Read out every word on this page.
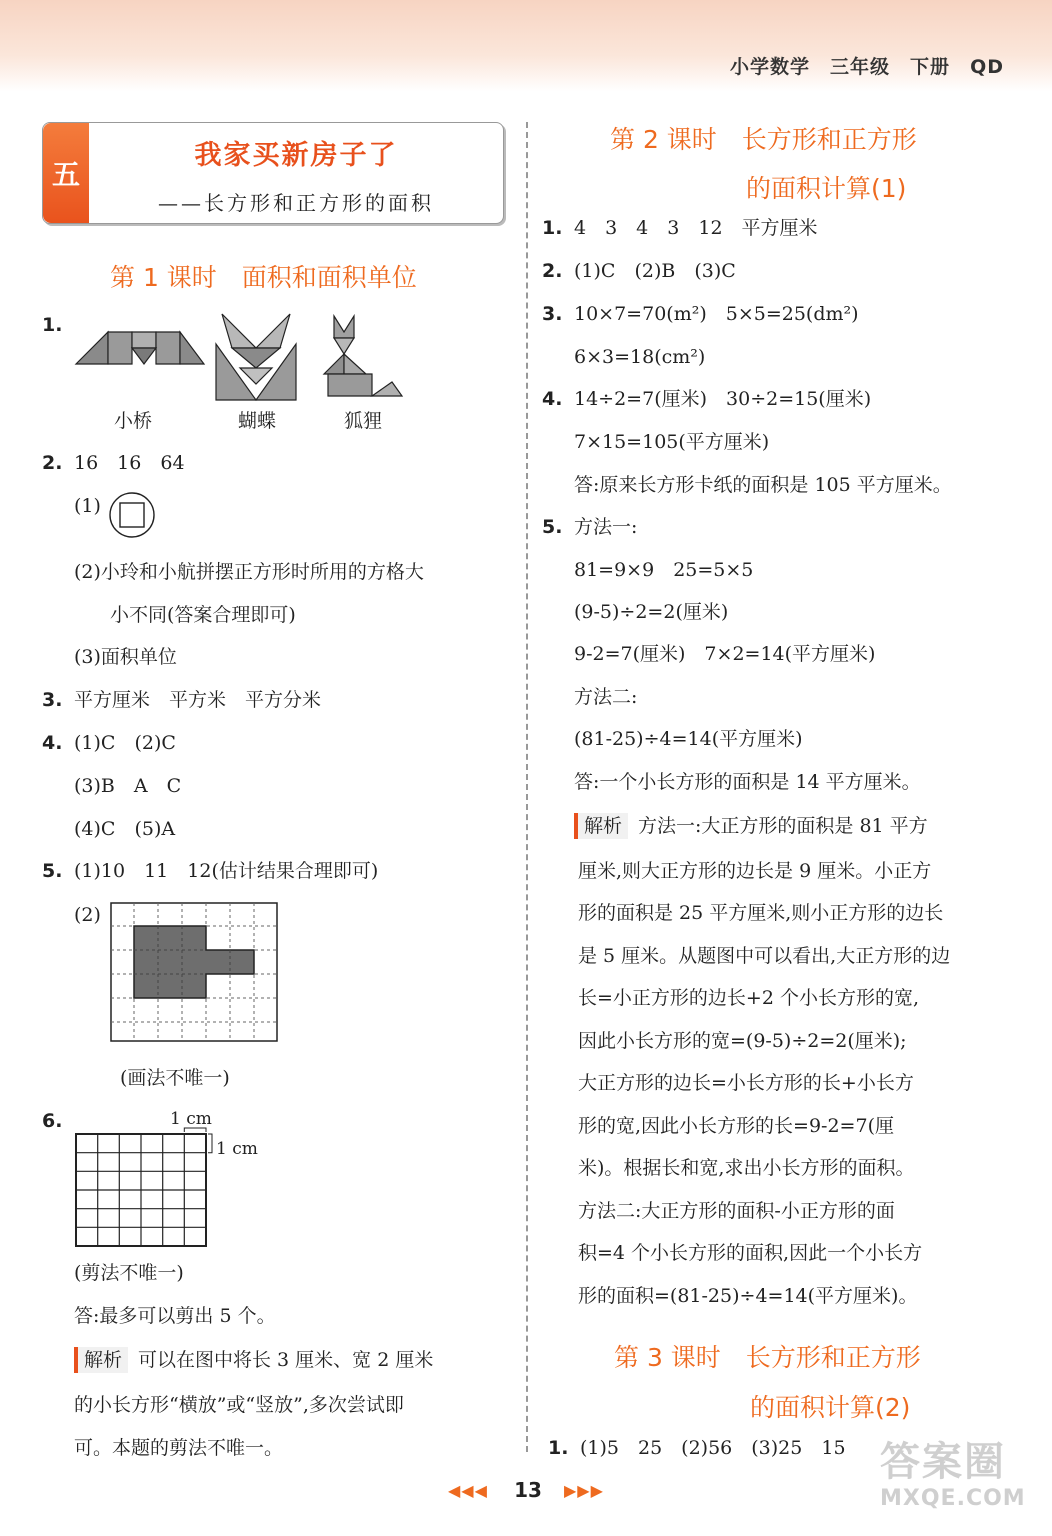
小学数学 三年级 下册 QD
五
我家买新房子了
——长方形和正方形的面积
第 1 课时　面积和面积单位
1.
小桥	蝴蝶	狐狸
2. 16　16　64
(1)
(2)小玲和小航拼摆正方形时所用的方格大
小不同(答案合理即可)
(3)面积单位
3. 平方厘米　平方米　平方分米
4. (1)C　(2)C
(3)B　A　C
(4)C　(5)A
5. (1)10　11　12(估计结果合理即可)
(2)
(画法不唯一)
6.	1 cm
1 cm
(剪法不唯一)
答:最多可以剪出 5 个。
解析 可以在图中将长 3 厘米、宽 2 厘米
的小长方形“横放”或“竖放”,多次尝试即
可。本题的剪法不唯一。
第 2 课时　长方形和正方形
的面积计算(1)
1. 4　3　4　3　12　平方厘米
2. (1)C　(2)B　(3)C
3. 10×7=70(m²)　5×5=25(dm²)
6×3=18(cm²)
4. 14÷2=7(厘米)　30÷2=15(厘米)
7×15=105(平方厘米)
答:原来长方形卡纸的面积是 105 平方厘米。
5. 方法一:
81=9×9　25=5×5
(9-5)÷2=2(厘米)
9-2=7(厘米)　7×2=14(平方厘米)
方法二:
(81-25)÷4=14(平方厘米)
答:一个小长方形的面积是 14 平方厘米。
解析 方法一:大正方形的面积是 81 平方
厘米,则大正方形的边长是 9 厘米。小正方
形的面积是 25 平方厘米,则小正方形的边长
是 5 厘米。从题图中可以看出,大正方形的边
长=小正方形的边长+2 个小长方形的宽,
因此小长方形的宽=(9-5)÷2=2(厘米);
大正方形的边长=小长方形的长+小长方
形的宽,因此小长方形的长=9-2=7(厘
米)。根据长和宽,求出小长方形的面积。
方法二:大正方形的面积-小正方形的面
积=4 个小长方形的面积,因此一个小长方
形的面积=(81-25)÷4=14(平方厘米)。
第 3 课时　长方形和正方形
的面积计算(2)
1. (1)5　25　(2)56　(3)25　15
◀◀◀	13	▶▶▶
答案圈
MXQE.COM
